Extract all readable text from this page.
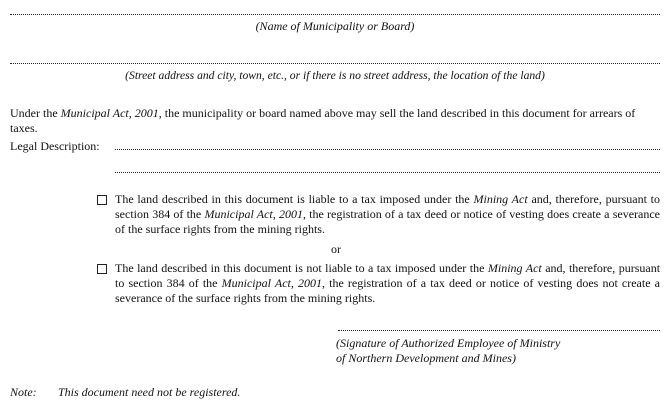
(Name of Municipality or Board)
(Street address and city, town, etc., or if there is no street address, the location of the land)
Under the Municipal Act, 2001, the municipality or board named above may sell the land described in this document for arrears of taxes.
Legal Description:
The land described in this document is liable to a tax imposed under the Mining Act and, therefore, pursuant to section 384 of the Municipal Act, 2001, the registration of a tax deed or notice of vesting does create a severance of the surface rights from the mining rights.
or
The land described in this document is not liable to a tax imposed under the Mining Act and, therefore, pursuant to section 384 of the Municipal Act, 2001, the registration of a tax deed or notice of vesting does not create a severance of the surface rights from the mining rights.
(Signature of Authorized Employee of Ministry
of Northern Development and Mines)
Note: This document need not be registered.
